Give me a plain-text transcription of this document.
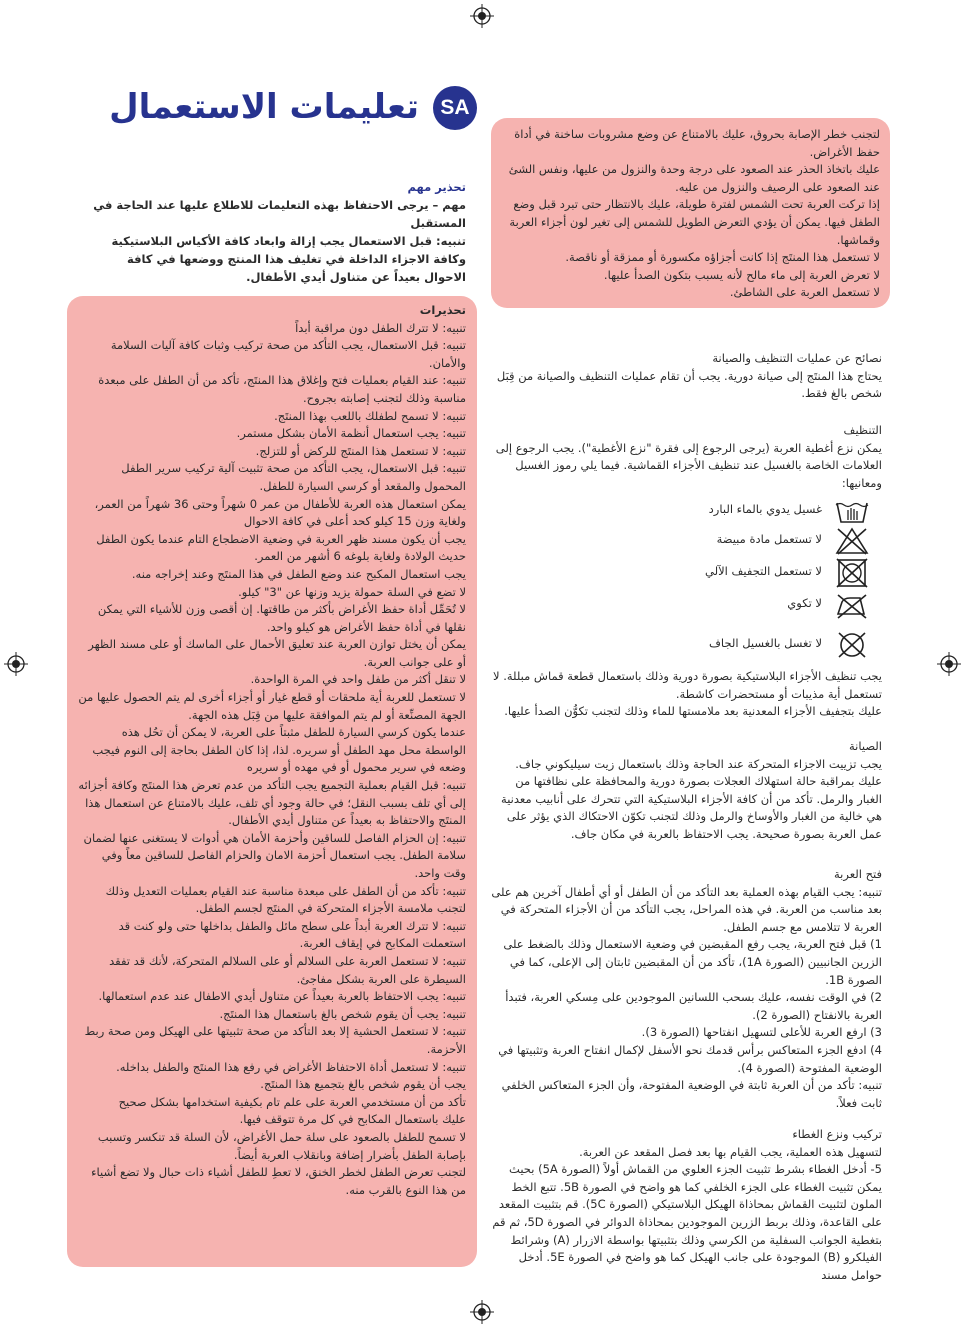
SA
تعليمات الاستعمال

تحذير مهم

مهم – يرجى الاحتفاظ بهذه التعليمات للاطلاع عليها عند الحاجة في المستقبل

تنبيه: قبل الاستعمال يجب إزالة وابعاد كافة الأكياس البلاستيكية وكافة الاجزاء الداخلة في تغليف هذا المنتج ووضعها في كافة الاحوال بعيداً عن متناول أيدي الأطفال.

تحذيرات

تنبيه: لا تترك الطفل دون مراقبة أبداً

تنبيه: قبل الاستعمال، يجب التأكد من صحة تركيب وثبات كافة آليات السلامة والأمان.

تنبيه: عند القيام بعمليات فتح وإغلاق هذا المنتَج، تأكد من أن الطفل على مبعدة مناسبة وذلك لتجنب إصابته بجروح.

تنبيه: لا تسمح لطفلك باللعب بهذا المنتَج.

تنبيه: يجب استعمال أنظمة الأمان بشكل مستمر.

تنبيه: لا تستعمل هذا المنتَج للركض أو للتزلج.

تنبيه: قبل الاستعمال، يجب التأكد من صحة تثبيت آلية تركيب سرير الطفل المحمول والمقعد أو كرسي السيارة للطفل.

يمكن استعمال هذه العربة للأطفال من عمر 0 شهراً وحتى 36 شهراً من العمر، ولغاية وزن 15 كيلو كحد أعلى في كافة الاحوال

يجب أن يكون مسند ظهر العربة في وضعية الاضطجاع التام عندما يكون الطفل حديث الولادة ولغاية بلوغه 6 أشهر من العمر.

يجب استعمال المكبح عند وضع الطفل في هذا المنتَج وعند إخراجه منه.

لا تضع في السلة حمولة يزيد وزنها عن "3" كيلو.

لا تُحَمِّل أداة حفظ الأغراض بأكثر من طاقتها. إن أقصى وزن للأشياء التي يمكن نقلها في أداة حفظ الأغراض هو كيلو واحد.

يمكن أن يختل توازن العربة عند تعليق الأحمال على الماسك أو على مسند الظهر أو على جوانب العربة.

لا تنقل أكثر من طفل واحد في المرة الواحدة.

لا تستعمل للعربة أية ملحقات أو قطع غيار أو أجزاء أخرى لم يتم الحصول عليها من الجهة المصنِّعة أو لم يتم الموافقة عليها من قِبَل هذه الجهة.

عندما يكون كرسي السيارة للطفل مثبتاً على العربة، لا يمكن أن تحُل هذه الواسطة محل مهد الطفل أو سريره. لذا، إذا كان الطفل بحاجة إلى النوم فيجب وضعه في سرير محمول أو في مهده أو سريره

تنبيه: قبل القيام بعملية التجميع يجب التأكد من عدم تعرض هذا المنتَج وكافة أجزائه إلى أي تلف بسبب النقل؛ في حالة وجود أي تلف، عليك بالامتناع عن استعمال هذا المنتَج والاحتفاظ به بعيداً عن متناول أيدي الأطفال.

تنبيه: إن الحزام الفاصل للساقين وأحزمة الأمان هي أدوات لا يستغنى عنها لضمان سلامة الطفل. يجب استعمال أحزمة الامان والحزام الفاصل للساقين معاً وفي وقت واحد.

تنبيه: تأكد من أن الطفل على مبعدة مناسبة عند القيام بعمليات التعديل وذلك لتجنب ملامسة الأجزاء المتحركة في المنتَج لجسم الطفل.

تنبيه: لا تترك العربة أبداً على سطح مائل والطفل بداخلها حتى ولو كنت قد استعملت المكابح في إيقاف العربة.

تنبيه: لا تستعمل العربة على السلالم أو على السلالم المتحركة، لأنك قد تفقد السيطرة على العربة بشكل مفاجئ.

تنبيه: يجب الاحتفاظ بالعربة بعيداً عن متناول أيدي الاطفال عند عدم استعمالها.

تنبيه: يجب أن يقوم شخص بالغ باستعمال هذا المنتَج.

تنبيه: لا تستعمل الحشية إلا بعد التأكد من صحة تثبيتها على الهيكل ومن صحة ربط الأحزمة.

تنبيه: لا تستعمل أداة الاحتفاظ الأغراض في رفع هذا المنتَج والطفل بداخله.

يجب أن يقوم شخص بالغ بتجميع هذا المنتَج.

تأكد من أن مستخدمي العربة على علم تام بكيفية استخدامها بشكل صحيح

عليك باستعمال المكابح في كل مرة تتوقف فيها.

لا تسمح للطفل بالصعود على سلة حمل الأغراض، لأن السلة قد تنكسر وتسبب بإصابة الطفل بأضرار إضافة وبانقلاب العربة أيضاً.

لتجنب تعرض الطفل لخطر الخنق، لا تعطِ للطفل أشياء ذات حبال ولا تضع أشياء من هذا النوع بالقرب منه.

لتجنب خطر الإصابة بحروق، عليك بالامتناع عن وضع مشروبات ساخنة في أداة حفظ الأغراض.

عليك باتخاذ الحذر عند الصعود على درجة وحدة والنزول من عليها، ونفس الشئ عند الصعود على الرصيف والنزول من عليه.

إذا تركت العربة تحت الشمس لفترة طويلة، عليك بالانتظار حتى تبرد قبل وضع الطفل فيها. يمكن أن يؤدي التعرض الطويل للشمس إلى تغير لون أجزاء العربة وقماشها.

لا تستعمل هذا المنتَج إذا كانت أجزاؤه مكسورة أو ممزقة أو ناقصة.

لا تعرض العربة إلى ماء مالح لأنه يسبب بتكون الصدأ عليها.

لا تستعمل العربة على الشاطئ.

نصائح عن عمليات التنظيف والصيانة

يحتاج هذا المنتَج إلى صيانة دورية. يجب أن تقام عمليات التنظيف والصيانة من قِبَل شخص بالغ فقط.

التنظيف

يمكن نزع أغطية العربة (يرجى الرجوع إلى فقرة "نزع الأغطية"). يجب الرجوع إلى العلامات الخاصة بالغسيل عند تنظيف الأجزاء القماشية. فيما يلي رموز الغسيل ومعانيها:

غسيل يدوي بالماء البارد
لا تستعمل مادة مبيضة
لا تستعمل التجفيف الآلي
لا تكوي
لا تغسل بالغسيل الجاف

يجب تنظيف الأجزاء البلاستيكية بصورة دورية وذلك باستعمال قطعة قماش مبللة. لا تستعمل أية مذيبات أو مستحضرات كاشطة.

عليك بتجفيف الأجزاء المعدنية بعد ملامستها للماء وذلك لتجنب تكوُّن الصدأ عليها.

الصيانة

يجب تزييت الاجزاء المتحركة عند الحاجة وذلك باستعمال زيت سيليكوني جاف. عليك بمراقبة حالة استهلاك العجلات بصورة دورية والمحافظة على نظافتها من الغبار والرمل. تأكد من أن كافة الأجزاء البلاستيكية التي تتحرك على أنابيب معدنية هي خالية من الغبار والأوساخ والرمل وذلك لتجنب تكوّن الاحتكاك الذي يؤثر على عمل العربة بصورة صحيحة. يجب الاحتفاظ بالعربة في مكان جاف.

فتح العربة

تنبيه: يجب القيام بهذه العملية بعد التأكد من أن الطفل أو أي أطفال آخرين هم على بعد مناسب من العربة. في هذه المراحل، يجب التأكد من أن الأجزاء المتحركة في العربة لا تتلامس مع جسم الطفل.

1) قبل فتح العربة، يجب رفع المقبضين في وضعية الاستعمال وذلك بالضغط على الزرين الجانبيين (الصورة 1A)، تأكد من أن المقبضين ثابتان إلى الإعلى، كما في الصورة 1B.

2) في الوقت نفسه، عليك بسحب اللسانين الموجودين على مِسكي العربة، فتبدأ العربة بالانفتاح (الصورة 2).

3) ارفع العربة للأعلى لتسهيل انفتاحها (الصورة 3).

4) ادفع الجزء المتعاكس برأس قدمك نحو الأسفل لإكمال انفتاح العربة وتثبيتها في الوضعية المفتوحة (الصورة 4).

تنبيه: تأكد من أن العربة ثابتة في الوضعية المفتوحة، وأن الجزء المتعاكس الخلفي ثابت فعلاً.

تركيب ونزع الغطاء

لتسهيل هذه العملية، يجب القيام بها بعد فصل المقعد عن العربة.

5- أدخل الغطاء بشرط تثبيت الجزء العلوي من القماش أولاً (الصورة 5A) بحيث يمكن تثبيت الغطاء على الجزء الخلفي كما هو واضح في الصورة 5B. تتبع الخط الملون لتثبيت القماش بمحاذاة الهيكل البلاستيكي (الصورة 5C). قم بتثبيت المقعد على القاعدة، وذلك بربط الزرين الموجودين بمحاذاة الدوائر في الصورة 5D، ثم قم بتغطية الجوانب السفلية من الكرسي وذلك بتثبيتها بواسطة الازرار (A) وشرائط الفيلكرو (B) الموجودة على جانب الهيكل كما هو واضح في الصورة 5E. أدخل حوامل مسند
